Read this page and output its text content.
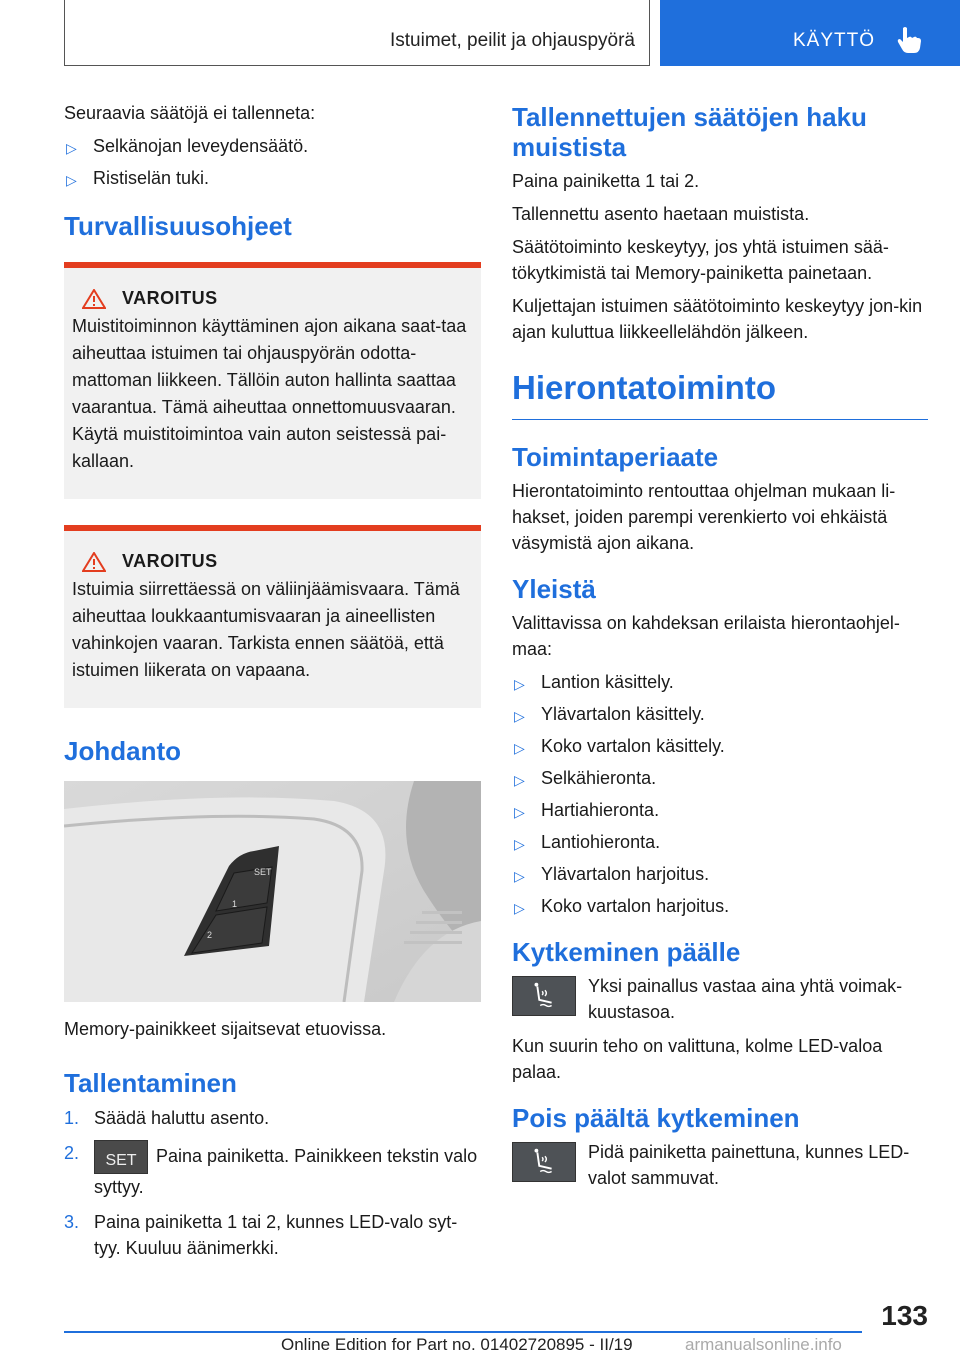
Istuimet, peilit ja ohjauspyörä	KÄYTTÖ

Seuraavia säätöjä ei tallenneta:

▷ Selkänojan leveydensäätö.
▷ Ristiselän tuki.
Turvallisuusohjeet
VAROITUS

Muistitoiminnon käyttäminen ajon aikana saat-taa aiheuttaa istuimen tai ohjauspyörän odotta-mattoman liikkeen. Tällöin auton hallinta saattaa vaarantua. Tämä aiheuttaa onnettomuusvaaran. Käytä muistitoimintoa vain auton seistessä pai-kallaan.

VAROITUS

Istuimia siirrettäessä on väliinjäämisvaara. Tämä aiheuttaa loukkaantumisvaaran ja aineellisten vahinkojen vaaran. Tarkista ennen säätöä, että istuimen liikerata on vapaana.

Johdanto
SET
1
2

Memory-painikkeet sijaitsevat etuovissa.

Tallentaminen
1. Säädä haluttu asento.
2.	SET	Paina painiketta. Painikkeen tekstin valo syttyy.
3. Paina painiketta 1 tai 2, kunnes LED-valo syt-tyy. Kuuluu äänimerkki.
Tallennettujen säätöjen haku muistista

Paina painiketta 1 tai 2.

Tallennettu asento haetaan muistista.

Säätötoiminto keskeytyy, jos yhtä istuimen sää-tökytkimistä tai Memory-painiketta painetaan.

Kuljettajan istuimen säätötoiminto keskeytyy jon-kin ajan kuluttua liikkeellelähdön jälkeen.

Hierontatoiminto
Toimintaperiaate

Hierontatoiminto rentouttaa ohjelman mukaan li-hakset, joiden parempi verenkierto voi ehkäistä väsymistä ajon aikana.

Yleistä

Valittavissa on kahdeksan erilaista hierontaohjel-maa:

▷ Lantion käsittely.
▷ Ylävartalon käsittely.
▷ Koko vartalon käsittely.
▷ Selkähieronta.
▷ Hartiahieronta.
▷ Lantiohieronta.
▷ Ylävartalon harjoitus.
▷ Koko vartalon harjoitus.
Kytkeminen päälle
Yksi painallus vastaa aina yhtä voimak-kuustasoa.

Kun suurin teho on valittuna, kolme LED-valoa palaa.

Pois päältä kytkeminen
Pidä painiketta painettuna, kunnes LED-valot sammuvat.
133
Online Edition for Part no. 01402720895 - II/19	armanualsonline.info
